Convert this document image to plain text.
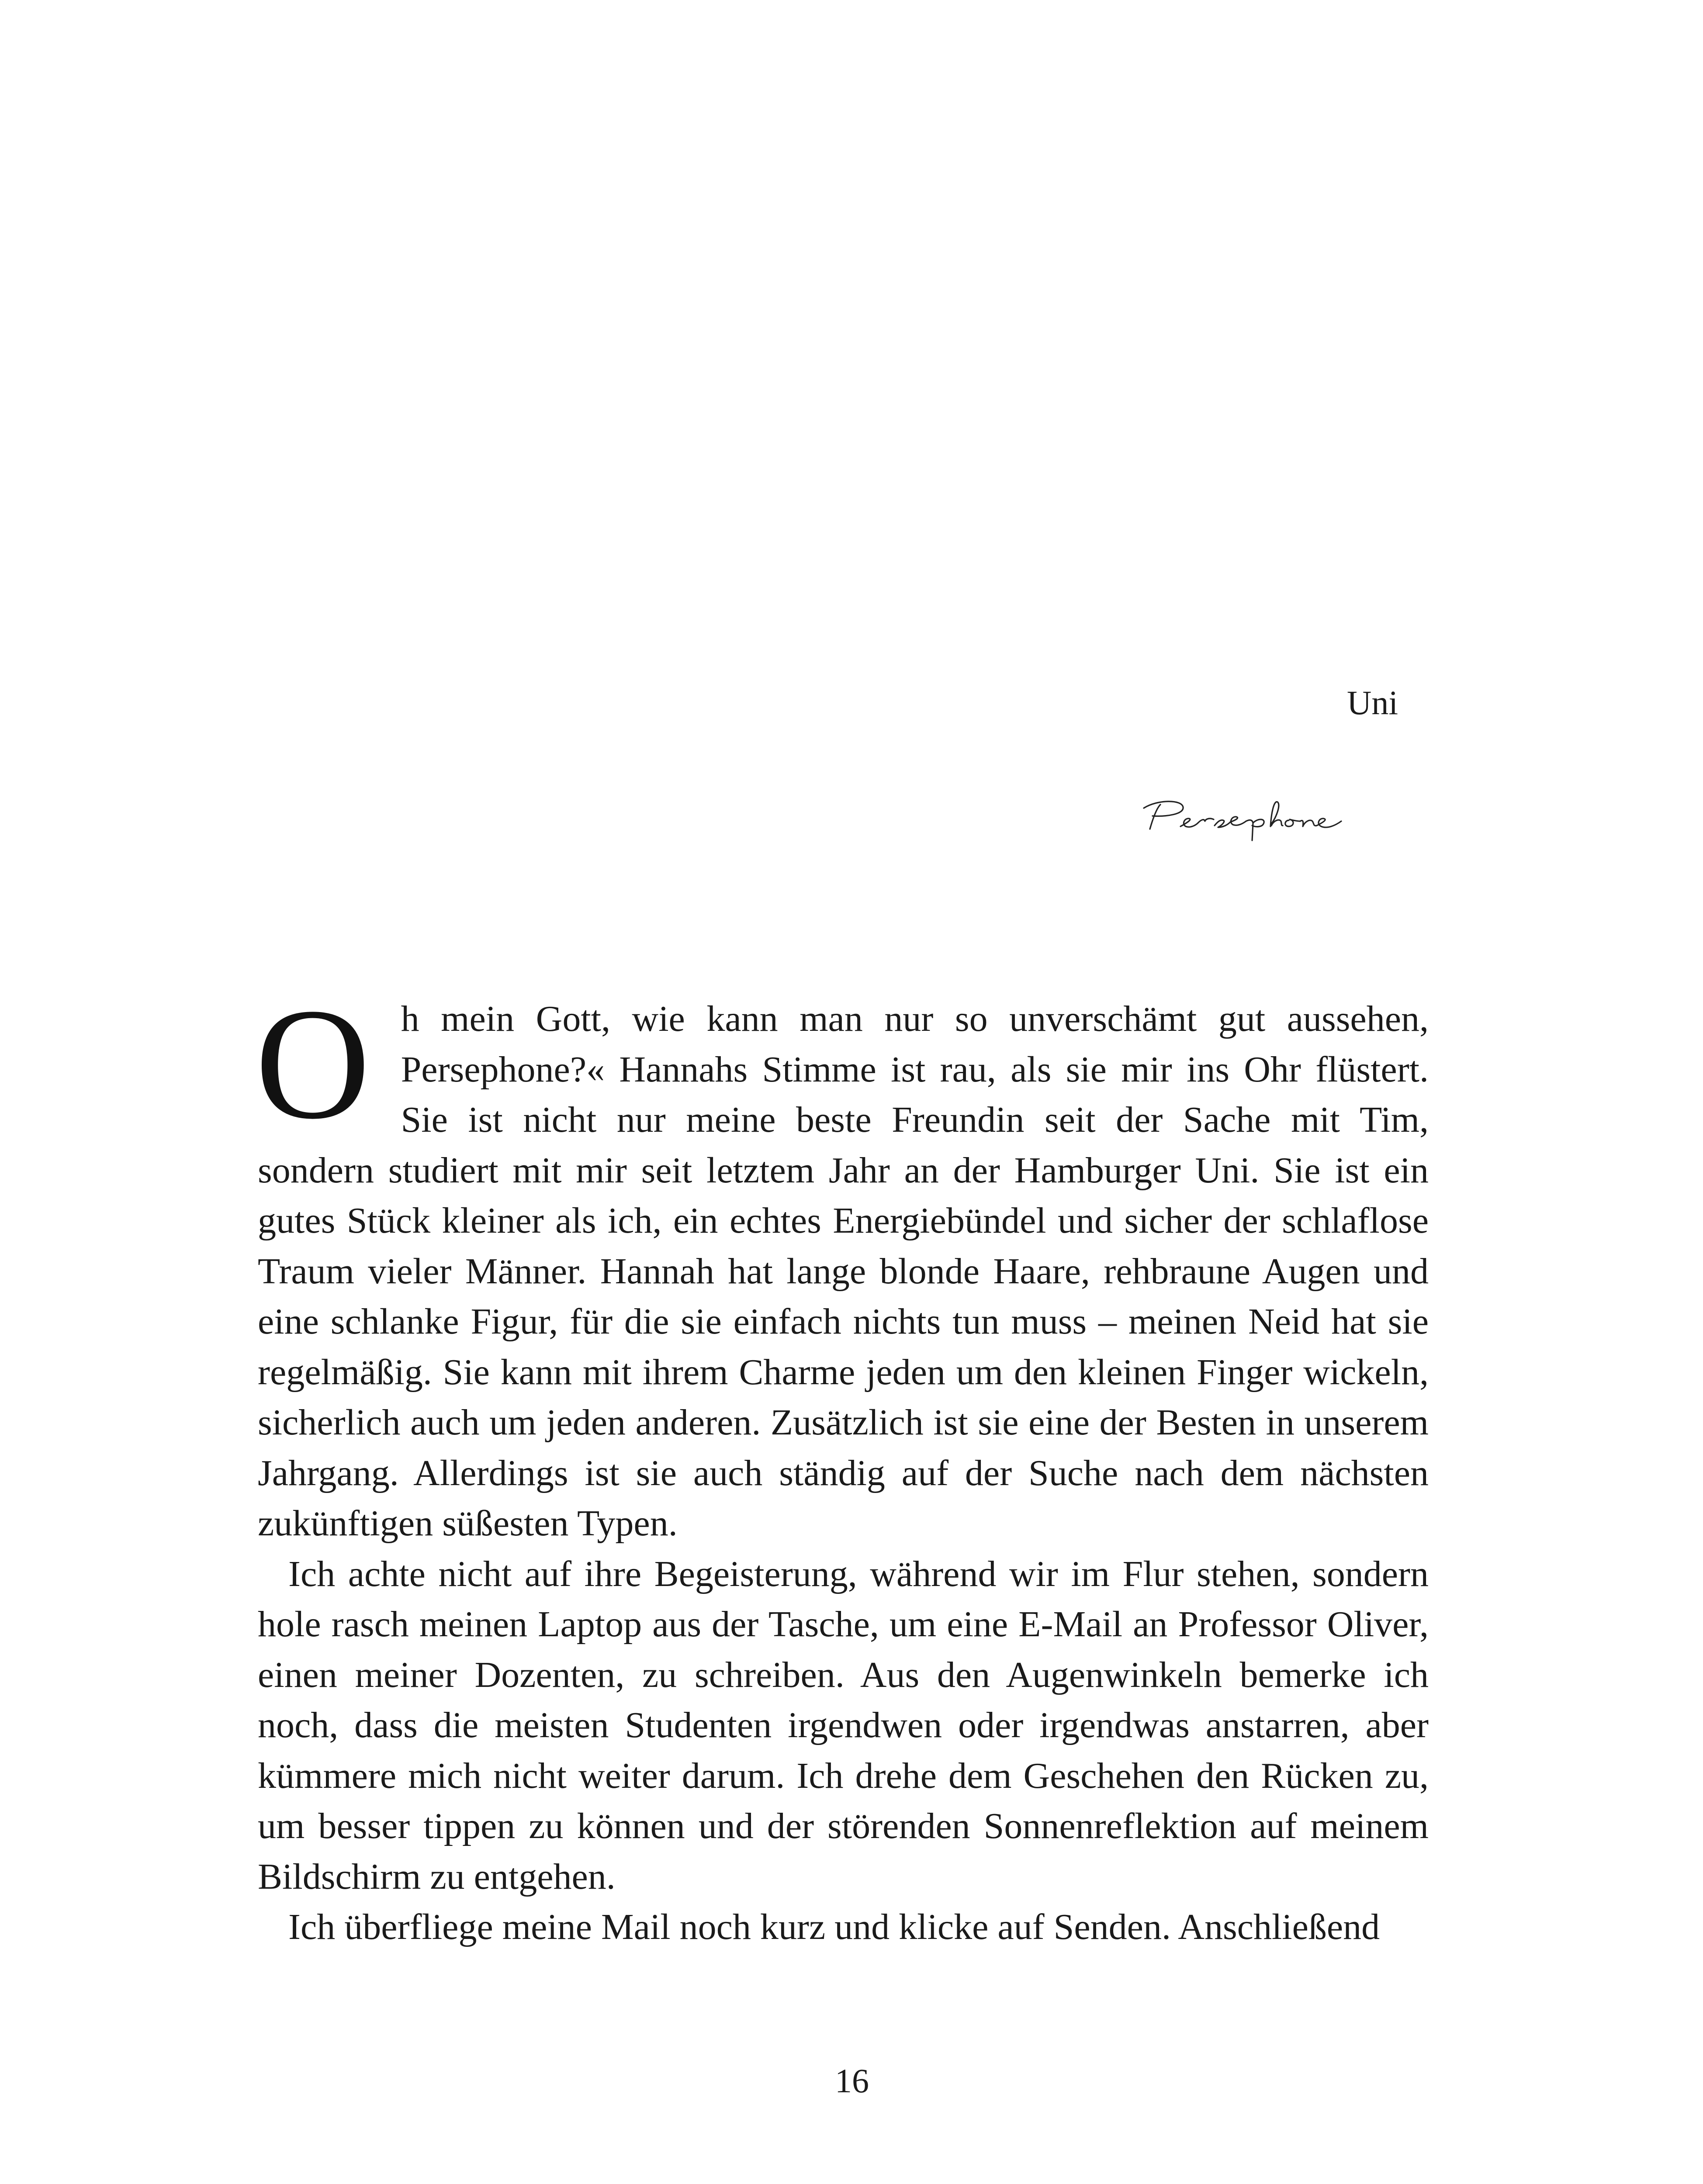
Uni

Oh mein Gott, wie kann man nur so unverschämt gut aussehen, Persephone?« Hannahs Stimme ist rau, als sie mir ins Ohr flüstert. Sie ist nicht nur meine beste Freundin seit der Sache mit Tim, sondern studiert mit mir seit letztem Jahr an der Hamburger Uni. Sie ist ein gutes Stück kleiner als ich, ein echtes Energiebündel und sicher der schlaflose Traum vieler Männer. Hannah hat lange blonde Haare, rehbraune Augen und eine schlanke Figur, für die sie einfach nichts tun muss – meinen Neid hat sie regelmäßig. Sie kann mit ihrem Charme jeden um den kleinen Finger wickeln, sicherlich auch um jeden anderen. Zusätzlich ist sie eine der Besten in unserem Jahrgang. Allerdings ist sie auch ständig auf der Suche nach dem nächsten zukünftigen süßesten Typen.

Ich achte nicht auf ihre Begeisterung, während wir im Flur stehen, sondern hole rasch meinen Laptop aus der Tasche, um eine E-Mail an Professor Oliver, einen meiner Dozenten, zu schreiben. Aus den Augenwinkeln bemerke ich noch, dass die meisten Studenten irgendwen oder irgendwas anstarren, aber kümmere mich nicht weiter darum. Ich drehe dem Geschehen den Rücken zu, um besser tippen zu können und der störenden Sonnenreflektion auf meinem Bildschirm zu entgehen.

Ich überfliege meine Mail noch kurz und klicke auf Senden. Anschließend

16
